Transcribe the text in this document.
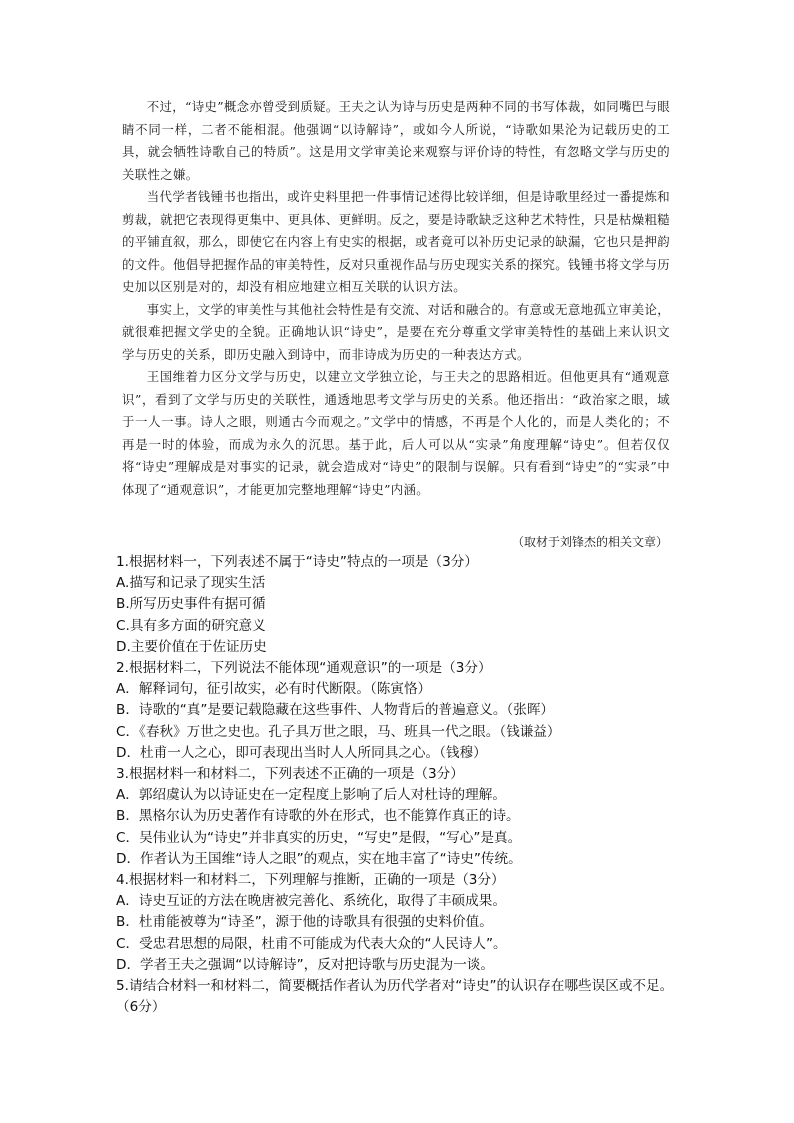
不过，“诗史”概念亦曾受到质疑。王夫之认为诗与历史是两种不同的书写体裁，如同嘴巴与眼睛不同一样，二者不能相混。他强调“以诗解诗”，或如今人所说，“诗歌如果沦为记载历史的工具，就会牺牲诗歌自己的特质”。这是用文学审美论来观察与评价诗的特性，有忽略文学与历史的关联性之嫌。

当代学者钱锺书也指出，或许史料里把一件事情记述得比较详细，但是诗歌里经过一番提炼和剪裁，就把它表现得更集中、更具体、更鲜明。反之，要是诗歌缺乏这种艺术特性，只是枯燥粗糙的平铺直叙，那么，即使它在内容上有史实的根据，或者竟可以补历史记录的缺漏，它也只是押韵的文件。他倡导把握作品的审美特性，反对只重视作品与历史现实关系的探究。钱锺书将文学与历史加以区别是对的，却没有相应地建立相互关联的认识方法。

事实上，文学的审美性与其他社会特性是有交流、对话和融合的。有意或无意地孤立审美论，就很难把握文学史的全貌。正确地认识“诗史”，是要在充分尊重文学审美特性的基础上来认识文学与历史的关系，即历史融入到诗中，而非诗成为历史的一种表达方式。

王国维着力区分文学与历史，以建立文学独立论，与王夫之的思路相近。但他更具有“通观意识”，看到了文学与历史的关联性，通透地思考文学与历史的关系。他还指出：“政治家之眼，域于一人一事。诗人之眼，则通古今而观之。”文学中的情感，不再是个人化的，而是人类化的；不再是一时的体验，而成为永久的沉思。基于此，后人可以从“实录”角度理解“诗史”。但若仅仅将“诗史”理解成是对事实的记录，就会造成对“诗史”的限制与误解。只有看到“诗史”的“实录”中体现了“通观意识”，才能更加完整地理解“诗史”内涵。

（取材于刘锋杰的相关文章）
1.根据材料一，下列表述不属于“诗史”特点的一项是（3分）
A.描写和记录了现实生活
B.所写历史事件有据可循
C.具有多方面的研究意义
D.主要价值在于佐证历史
2.根据材料二，下列说法不能体现“通观意识”的一项是（3分）
A．解释词句，征引故实，必有时代断限。（陈寅恪）
B．诗歌的“真”是要记载隐藏在这些事件、人物背后的普遍意义。（张晖）
C．《春秋》万世之史也。孔子具万世之眼，马、班具一代之眼。（钱谦益）
D．杜甫一人之心，即可表现出当时人人所同具之心。（钱穆）
3.根据材料一和材料二，下列表述不正确的一项是（3分）
A．郭绍虞认为以诗证史在一定程度上影响了后人对杜诗的理解。
B．黑格尔认为历史著作有诗歌的外在形式，也不能算作真正的诗。
C．吴伟业认为“诗史”并非真实的历史，“写史”是假，“写心”是真。
D．作者认为王国维“诗人之眼”的观点，实在地丰富了“诗史”传统。
4.根据材料一和材料二，下列理解与推断，正确的一项是（3分）
A．诗史互证的方法在晚唐被完善化、系统化，取得了丰硕成果。
B．杜甫能被尊为“诗圣”，源于他的诗歌具有很强的史料价值。
C．受忠君思想的局限，杜甫不可能成为代表大众的“人民诗人”。
D．学者王夫之强调“以诗解诗”，反对把诗歌与历史混为一谈。
5.请结合材料一和材料二，简要概括作者认为历代学者对“诗史”的认识存在哪些误区或不足。（6分）
